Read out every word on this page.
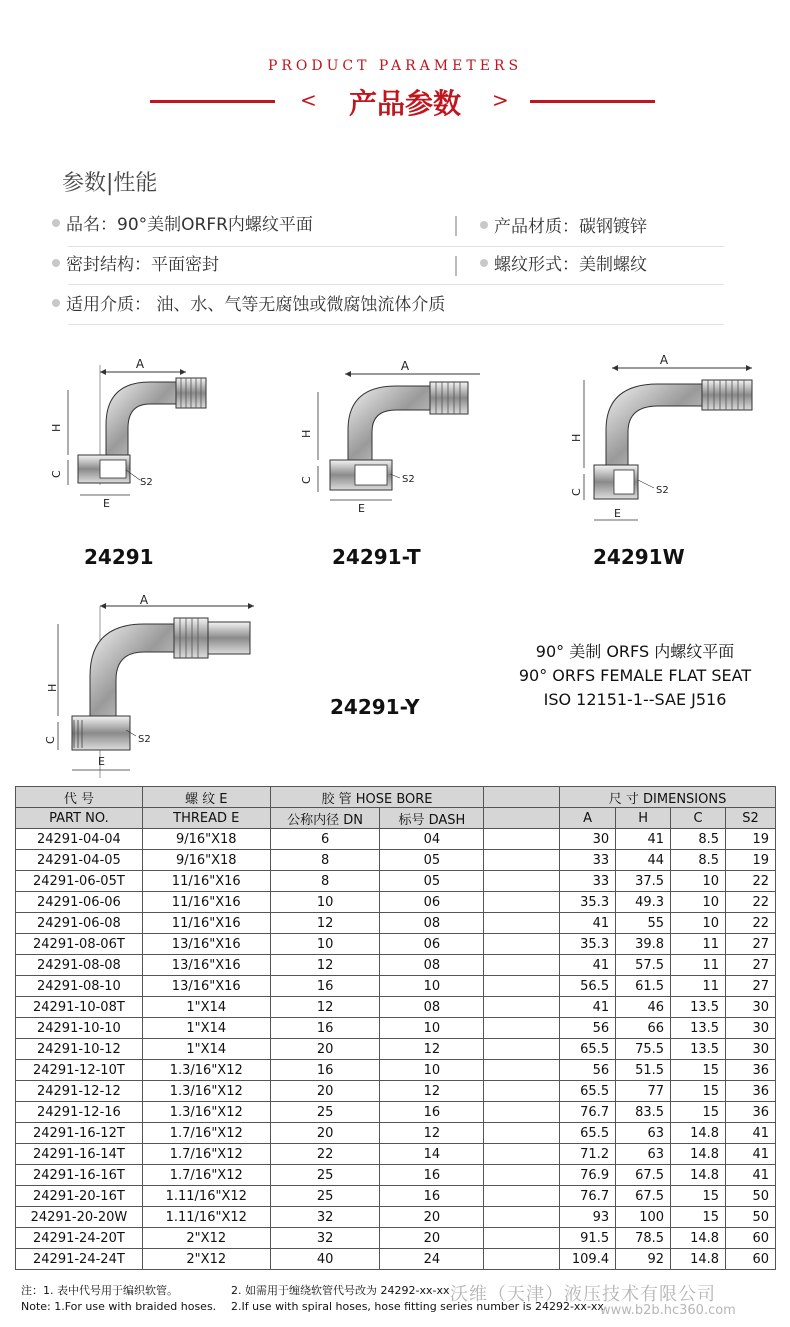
PRODUCT PARAMETERS
<	产品参数	>
参数|性能
品名：90°美制ORFR内螺纹平面	产品材质：碳钢镀锌
密封结构：平面密封	螺纹形式：美制螺纹
适用介质： 油、水、气等无腐蚀或微腐蚀流体介质
A
H
C
E
S2
24291
A
H
C
E
S2
24291-T
A
H
C
E
S2
24291W
A
H
C
E
S2
24291-Y
90° 美制 ORFS 内螺纹平面
90° ORFS FEMALE FLAT SEAT
ISO 12151-1--SAE J516
代 号	螺 纹 E	胶 管 HOSE BORE			尺 寸 DIMENSIONS			
PART NO.	THREAD E	公称内径 DN	标号 DASH		A	H	C	S2
24291-04-04	9/16"X18	6	04		30	41	8.5	19
24291-04-05	9/16"X18	8	05		33	44	8.5	19
24291-06-05T	11/16"X16	8	05		33	37.5	10	22
24291-06-06	11/16"X16	10	06		35.3	49.3	10	22
24291-06-08	11/16"X16	12	08		41	55	10	22
24291-08-06T	13/16"X16	10	06		35.3	39.8	11	27
24291-08-08	13/16"X16	12	08		41	57.5	11	27
24291-08-10	13/16"X16	16	10		56.5	61.5	11	27
24291-10-08T	1"X14	12	08		41	46	13.5	30
24291-10-10	1"X14	16	10		56	66	13.5	30
24291-10-12	1"X14	20	12		65.5	75.5	13.5	30
24291-12-10T	1.3/16"X12	16	10		56	51.5	15	36
24291-12-12	1.3/16"X12	20	12		65.5	77	15	36
24291-12-16	1.3/16"X12	25	16		76.7	83.5	15	36
24291-16-12T	1.7/16"X12	20	12		65.5	63	14.8	41
24291-16-14T	1.7/16"X12	22	14		71.2	63	14.8	41
24291-16-16T	1.7/16"X12	25	16		76.9	67.5	14.8	41
24291-20-16T	1.11/16"X12	25	16		76.7	67.5	15	50
24291-20-20W	1.11/16"X12	32	20		93	100	15	50
24291-24-20T	2"X12	32	20		91.5	78.5	14.8	60
24291-24-24T	2"X12	40	24		109.4	92	14.8	60
注：1. 表中代号用于编织软管。	2. 如需用于缠绕软管代号改为 24292-xx-xx
Note: 1.For use with braided hoses. 2.If use with spiral hoses, hose fitting series number is 24292-xx-xx
沃维（天津）液压技术有限公司
www.b2b.hc360.com
